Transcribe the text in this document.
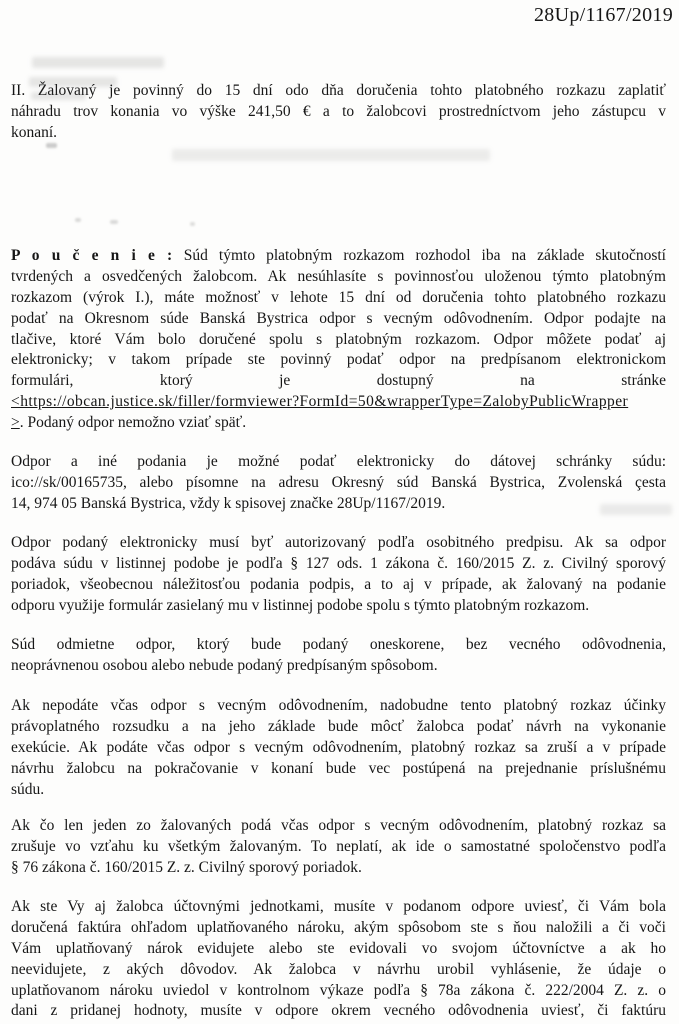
28Up/1167/2019
II. Žalovaný je povinný do 15 dní odo dňa doručenia tohto platobného rozkazu zaplatiť
náhradu trov konania vo výške 241,50 € a to žalobcovi prostredníctvom jeho zástupcu v
konaní.
P o u č e n i e : Súd týmto platobným rozkazom rozhodol iba na základe skutočností
tvrdených a osvedčených žalobcom. Ak nesúhlasíte s povinnosťou uloženou týmto platobným
rozkazom (výrok I.), máte možnosť v lehote 15 dní od doručenia tohto platobného rozkazu
podať na Okresnom súde Banská Bystrica odpor s vecným odôvodnením. Odpor podajte na
tlačive, ktoré Vám bolo doručené spolu s platobným rozkazom. Odpor môžete podať aj
elektronicky; v takom prípade ste povinný podať odpor na predpísanom elektronickom
formulári, ktorý je dostupný na stránke
<https://obcan.justice.sk/filler/formviewer?FormId=50&wrapperType=ZalobyPublicWrapper
>. Podaný odpor nemožno vziať späť.
Odpor a iné podania je možné podať elektronicky do dátovej schránky súdu:
ico://sk/00165735, alebo písomne na adresu Okresný súd Banská Bystrica, Zvolenská çesta
14, 974 05 Banská Bystrica, vždy k spisovej značke 28Up/1167/2019.
Odpor podaný elektronicky musí byť autorizovaný podľa osobitného predpisu. Ak sa odpor
podáva súdu v listinnej podobe je podľa § 127 ods. 1 zákona č. 160/2015 Z. z. Civilný sporový
poriadok, všeobecnou náležitosťou podania podpis, a to aj v prípade, ak žalovaný na podanie
odporu využije formulár zasielaný mu v listinnej podobe spolu s týmto platobným rozkazom.
Súd odmietne odpor, ktorý bude podaný oneskorene, bez vecného odôvodnenia,
neoprávnenou osobou alebo nebude podaný predpísaným spôsobom.
Ak nepodáte včas odpor s vecným odôvodnením, nadobudne tento platobný rozkaz účinky
právoplatného rozsudku a na jeho základe bude môcť žalobca podať návrh na vykonanie
exekúcie. Ak podáte včas odpor s vecným odôvodnením, platobný rozkaz sa zruší a v prípade
návrhu žalobcu na pokračovanie v konaní bude vec postúpená na prejednanie príslušnému
súdu.
Ak čo len jeden zo žalovaných podá včas odpor s vecným odôvodnením, platobný rozkaz sa
zrušuje vo vzťahu ku všetkým žalovaným. To neplatí, ak ide o samostatné spoločenstvo podľa
§ 76 zákona č. 160/2015 Z. z. Civilný sporový poriadok.
Ak ste Vy aj žalobca účtovnými jednotkami, musíte v podanom odpore uviesť, či Vám bola
doručená faktúra ohľadom uplatňovaného nároku, akým spôsobom ste s ňou naložili a či voči
Vám uplatňovaný nárok evidujete alebo ste evidovali vo svojom účtovníctve a ak ho
neevidujete, z akých dôvodov. Ak žalobca v návrhu urobil vyhlásenie, že údaje o
uplatňovanom nároku uviedol v kontrolnom výkaze podľa § 78a zákona č. 222/2004 Z. z. o
dani z pridanej hodnoty, musíte v odpore okrem vecného odôvodnenia uviesť, či faktúru
